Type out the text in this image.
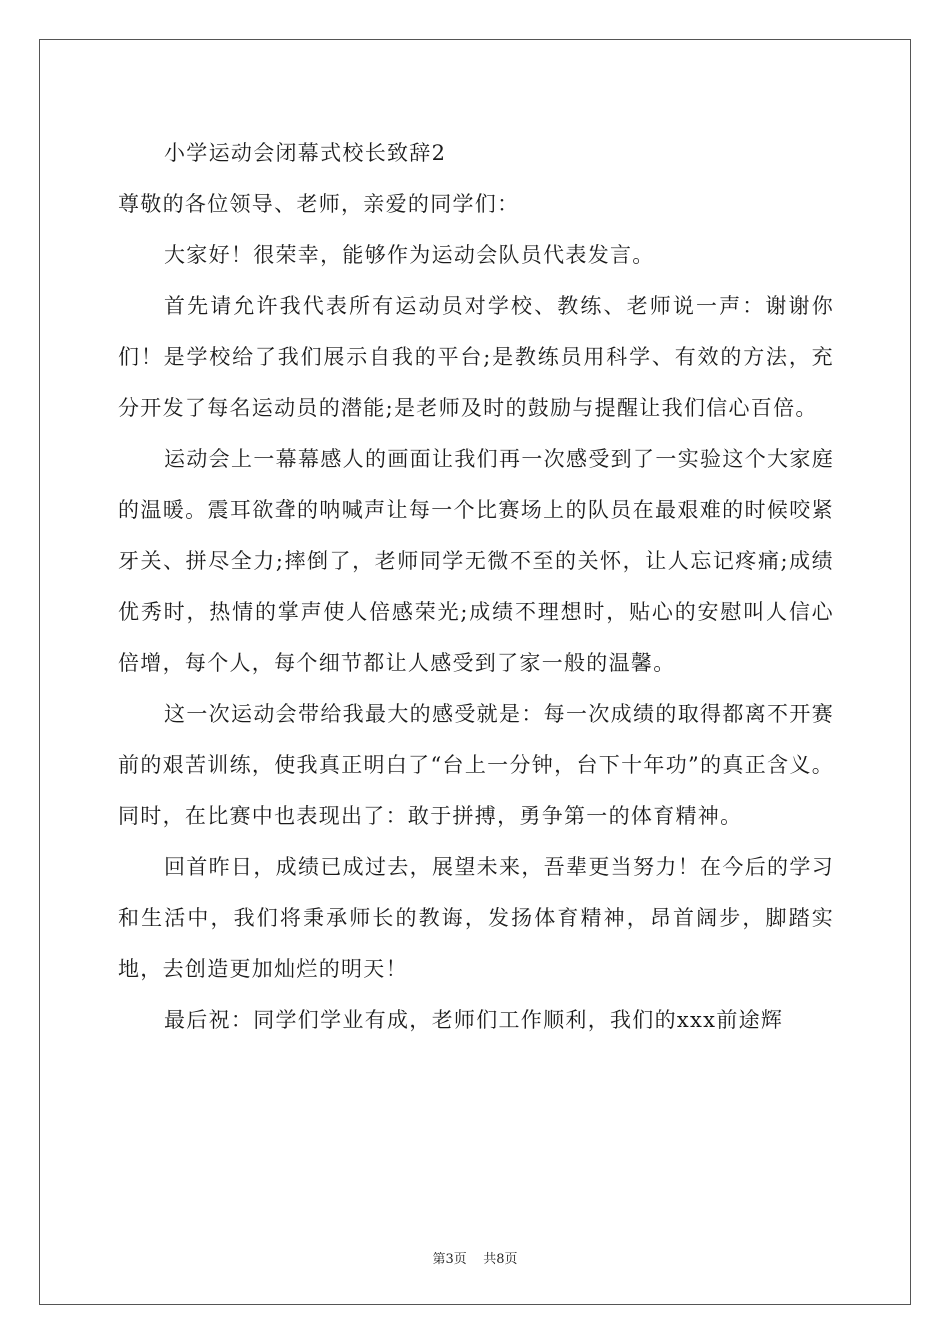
小学运动会闭幕式校长致辞2

尊敬的各位领导、老师，亲爱的同学们：

大家好！很荣幸，能够作为运动会队员代表发言。

首先请允许我代表所有运动员对学校、教练、老师说一声：谢谢你们！是学校给了我们展示自我的平台;是教练员用科学、有效的方法，充分开发了每名运动员的潜能;是老师及时的鼓励与提醒让我们信心百倍。

运动会上一幕幕感人的画面让我们再一次感受到了一实验这个大家庭的温暖。震耳欲聋的呐喊声让每一个比赛场上的队员在最艰难的时候咬紧牙关、拼尽全力;摔倒了，老师同学无微不至的关怀，让人忘记疼痛;成绩优秀时，热情的掌声使人倍感荣光;成绩不理想时，贴心的安慰叫人信心倍增，每个人，每个细节都让人感受到了家一般的温馨。

这一次运动会带给我最大的感受就是：每一次成绩的取得都离不开赛前的艰苦训练，使我真正明白了“台上一分钟，台下十年功”的真正含义。同时，在比赛中也表现出了：敢于拼搏，勇争第一的体育精神。

回首昨日，成绩已成过去，展望未来，吾辈更当努力！在今后的学习和生活中，我们将秉承师长的教诲，发扬体育精神，昂首阔步，脚踏实地，去创造更加灿烂的明天！

最后祝：同学们学业有成，老师们工作顺利，我们的xxx前途辉

第3页 共8页
